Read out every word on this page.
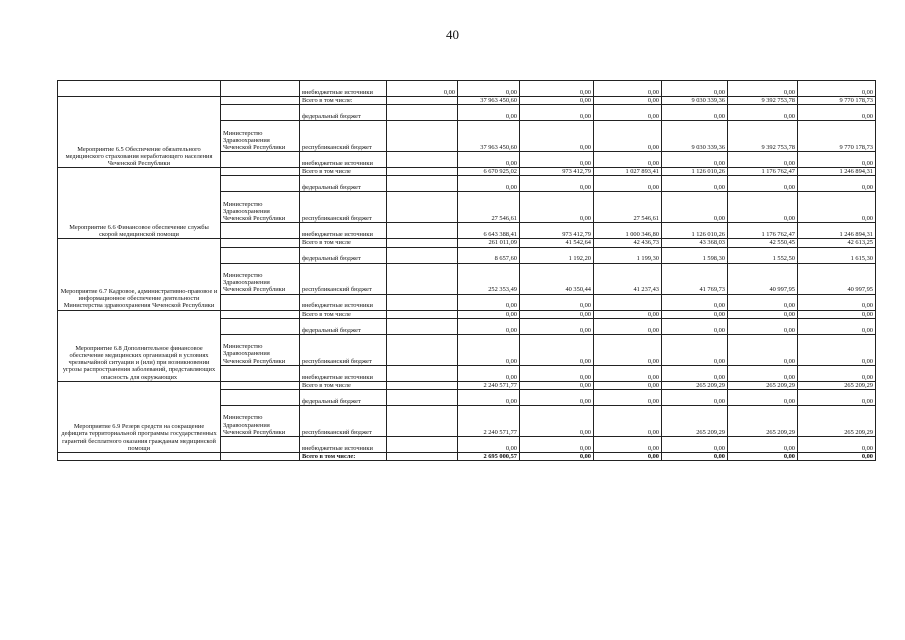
40
		внебюджетные источники	0,00	0,00	0,00	0,00	0,00	0,00	0,00	
Мероприятие 6.5 Обеспечение обязательного медицинского страхования неработающего населения Чеченской Республики		Всего в том числе:		37 963 450,60	0,00	0,00	9 030 339,36	9 392 753,78	9 770 178,73	
		федеральный бюджет		0,00	0,00	0,00	0,00	0,00	0,00	
	Министерство Здравоохранения Чеченской Республики	республиканский бюджет		37 963 450,60	0,00	0,00	9 030 339,36	9 392 753,78	9 770 178,73	
		внебюджетные источники		0,00	0,00	0,00	0,00	0,00	0,00	
Мероприятие 6.6 Финансовое обеспечение службы скорой медицинской помощи		Всего в том числе		6 670 925,02	973 412,79	1 027 893,41	1 126 010,26	1 176 762,47	1 246 894,31	
		федеральный бюджет		0,00	0,00	0,00	0,00	0,00	0,00	
	Министерство Здравоохранения Чеченской Республики	республиканский бюджет		27 546,61	0,00	27 546,61	0,00	0,00	0,00	
		внебюджетные источники		6 643 388,41	973 412,79	1 000 346,80	1 126 010,26	1 176 762,47	1 246 894,31	
Мероприятие 6.7 Кадровое, административно-правовое и информационное обеспечение деятельности Министерства здравоохранения Чеченской Республики		Всего в том числе		261 011,09	41 542,64	42 436,73	43 368,03	42 550,45	42 613,25	
		федеральный бюджет		8 657,60	1 192,20	1 199,30	1 598,30	1 552,50	1 615,30	
	Министерство Здравоохранения Чеченской Республики	республиканский бюджет		252 353,49	40 350,44	41 237,43	41 769,73	40 997,95	40 997,95	
		внебюджетные источники		0,00	0,00		0,00	0,00	0,00	
Мероприятие 6.8 Дополнительное финансовое обеспечение медицинских организаций в условиях чрезвычайной ситуации и (или) при возникновении угрозы распространения заболеваний, представляющих опасность для окружающих		Всего в том числе		0,00	0,00	0,00	0,00	0,00	0,00	
		федеральный бюджет		0,00	0,00	0,00	0,00	0,00	0,00	
	Министерство Здравоохранения Чеченской Республики	республиканский бюджет		0,00	0,00	0,00	0,00	0,00	0,00	
		внебюджетные источники		0,00	0,00	0,00	0,00	0,00	0,00	
Мероприятие 6.9 Резерв средств на сокращение дефицита территориальной программы государственных гарантий бесплатного оказания гражданам медицинской помощи		Всего в том числе		2 240 571,77	0,00	0,00	265 209,29	265 209,29	265 209,29	
		федеральный бюджет		0,00	0,00	0,00	0,00	0,00	0,00	
	Министерство Здравоохранения Чеченской Республики	республиканский бюджет		2 240 571,77	0,00	0,00	265 209,29	265 209,29	265 209,29	
		внебюджетные источники		0,00	0,00	0,00	0,00	0,00	0,00	
		Всего в том числе:		2 695 000,57	0,00	0,00	0,00	0,00	0,00	
